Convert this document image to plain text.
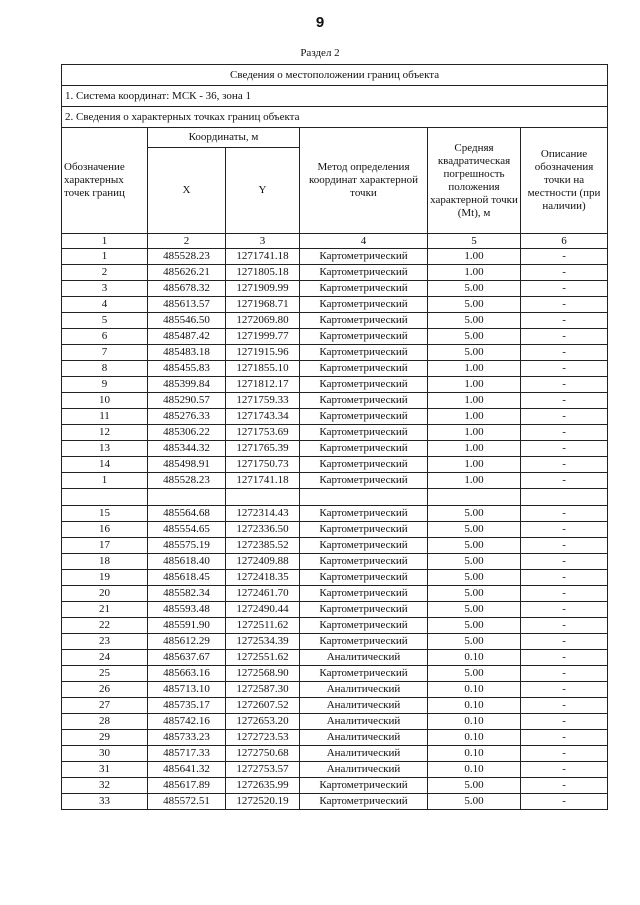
9
Раздел 2
Сведения о местоположении границ объекта					
1. Система координат: МСК - 36, зона 1					
2. Сведения о характерных точках границ объекта					
Обозначение характерных точек границ	Координаты, м		Метод определения координат характерной точки	Средняя квадратическая погрешность положения характерной точки (Mt), м	Описание обозначения точки на местности (при наличии)
	X	Y			
1	2	3	4	5	6
1	485528.23	1271741.18	Картометрический	1.00	-
2	485626.21	1271805.18	Картометрический	1.00	-
3	485678.32	1271909.99	Картометрический	5.00	-
4	485613.57	1271968.71	Картометрический	5.00	-
5	485546.50	1272069.80	Картометрический	5.00	-
6	485487.42	1271999.77	Картометрический	5.00	-
7	485483.18	1271915.96	Картометрический	5.00	-
8	485455.83	1271855.10	Картометрический	1.00	-
9	485399.84	1271812.17	Картометрический	1.00	-
10	485290.57	1271759.33	Картометрический	1.00	-
11	485276.33	1271743.34	Картометрический	1.00	-
12	485306.22	1271753.69	Картометрический	1.00	-
13	485344.32	1271765.39	Картометрический	1.00	-
14	485498.91	1271750.73	Картометрический	1.00	-
1	485528.23	1271741.18	Картометрический	1.00	-

15	485564.68	1272314.43	Картометрический	5.00	-
16	485554.65	1272336.50	Картометрический	5.00	-
17	485575.19	1272385.52	Картометрический	5.00	-
18	485618.40	1272409.88	Картометрический	5.00	-
19	485618.45	1272418.35	Картометрический	5.00	-
20	485582.34	1272461.70	Картометрический	5.00	-
21	485593.48	1272490.44	Картометрический	5.00	-
22	485591.90	1272511.62	Картометрический	5.00	-
23	485612.29	1272534.39	Картометрический	5.00	-
24	485637.67	1272551.62	Аналитический	0.10	-
25	485663.16	1272568.90	Картометрический	5.00	-
26	485713.10	1272587.30	Аналитический	0.10	-
27	485735.17	1272607.52	Аналитический	0.10	-
28	485742.16	1272653.20	Аналитический	0.10	-
29	485733.23	1272723.53	Аналитический	0.10	-
30	485717.33	1272750.68	Аналитический	0.10	-
31	485641.32	1272753.57	Аналитический	0.10	-
32	485617.89	1272635.99	Картометрический	5.00	-
33	485572.51	1272520.19	Картометрический	5.00	-
